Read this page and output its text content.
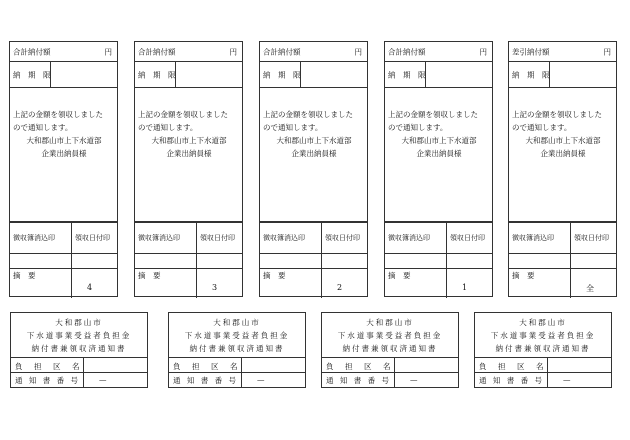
合計納付額	円
納　期　限
上記の金額を領収しました
ので通知します。

大和郡山市上下水道部
企業出納員様
徴収簿消込印	領収日付印
4
摘　要
合計納付額	円
納　期　限
上記の金額を領収しました
ので通知します。

大和郡山市上下水道部
企業出納員様
徴収簿消込印	領収日付印
3
摘　要
合計納付額	円
納　期　限
上記の金額を領収しました
ので通知します。

大和郡山市上下水道部
企業出納員様
徴収簿消込印	領収日付印
2
摘　要
合計納付額	円
納　期　限
上記の金額を領収しました
ので通知します。

大和郡山市上下水道部
企業出納員様
徴収簿消込印	領収日付印
1
摘　要
差引納付額	円
納　期　限
上記の金額を領収しました
ので通知します。

大和郡山市上下水道部
企業出納員様
徴収簿消込印	領収日付印
全
摘　要
大和郡山市
下水道事業受益者負担金
納付書兼領収済通知書
負　担　区　名
通 知 書 番 号	—
大和郡山市
下水道事業受益者負担金
納付書兼領収済通知書
負　担　区　名
通 知 書 番 号	—
大和郡山市
下水道事業受益者負担金
納付書兼領収済通知書
負　担　区　名
通 知 書 番 号	—
大和郡山市
下水道事業受益者負担金
納付書兼領収済通知書
負　担　区　名
通 知 書 番 号	—
